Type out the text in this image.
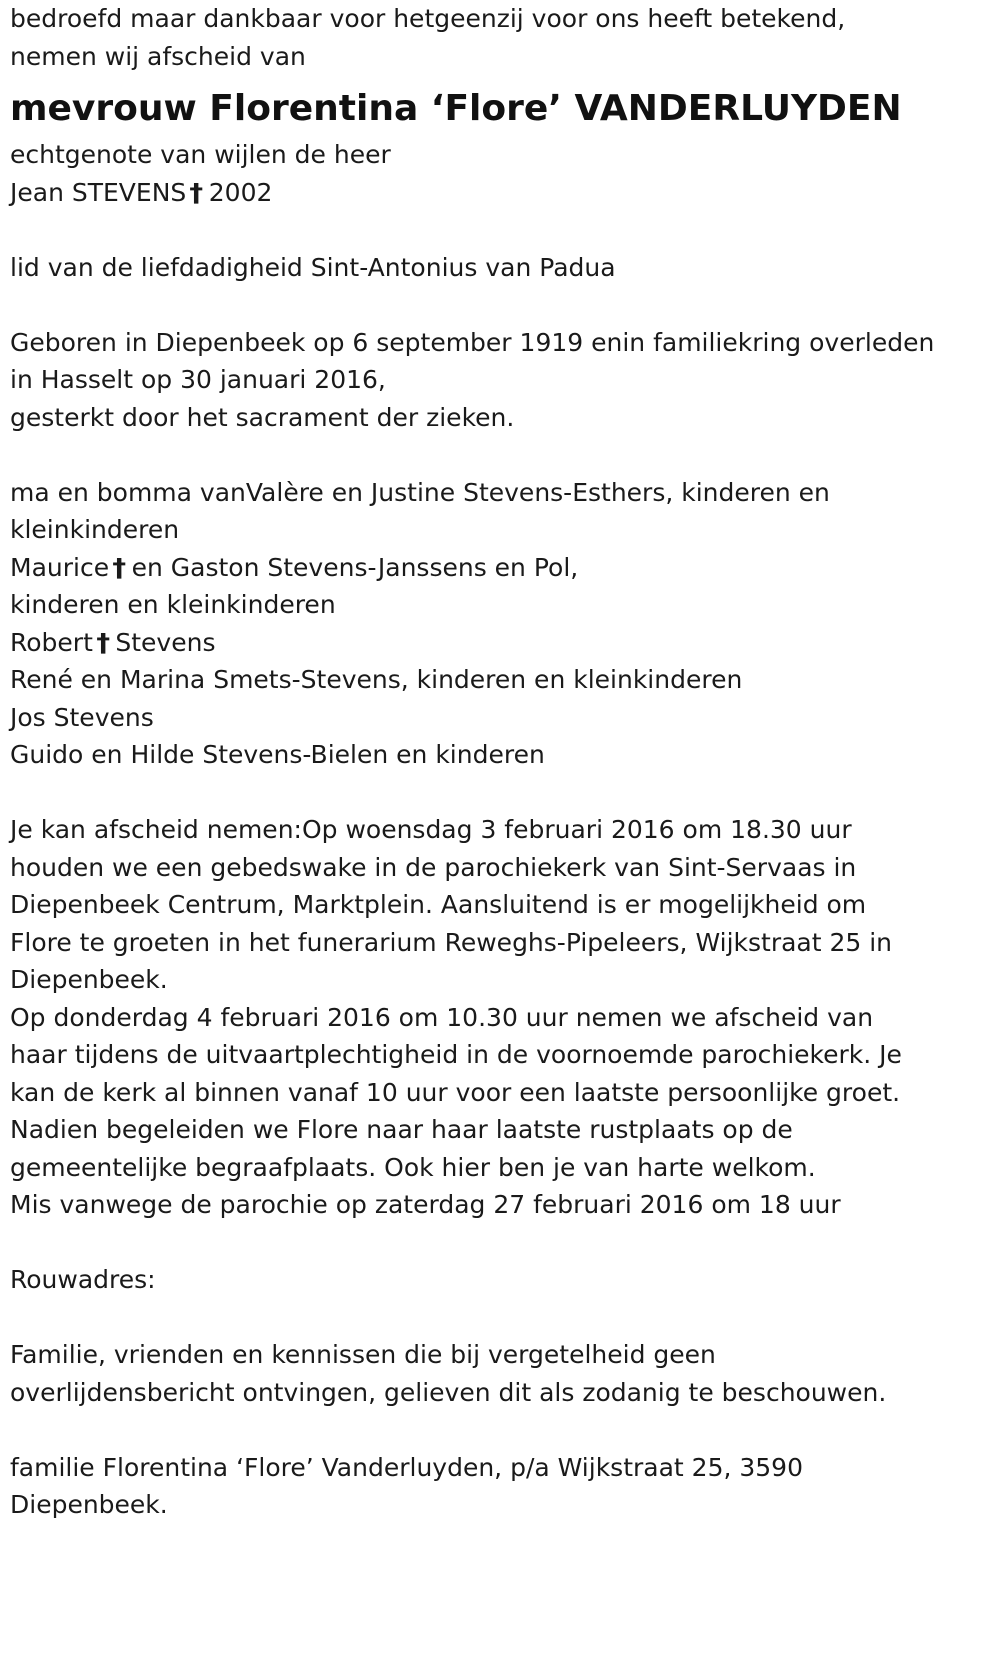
bedroefd maar dankbaar voor hetgeenzij voor ons heeft betekend,

nemen wij afscheid van

mevrouw Florentina ‘Flore’ VANDERLUYDEN

echtgenote van wijlen de heer

Jean STEVENS † 2002

lid van de liefdadigheid Sint-Antonius van Padua

Geboren in Diepenbeek op 6 september 1919 enin familiekring overleden

in Hasselt op 30 januari 2016,

gesterkt door het sacrament der zieken.

ma en bomma vanValère en Justine Stevens-Esthers, kinderen en

kleinkinderen

Maurice † en Gaston Stevens-Janssens en Pol,

kinderen en kleinkinderen

Robert † Stevens

René en Marina Smets-Stevens, kinderen en kleinkinderen

Jos Stevens

Guido en Hilde Stevens-Bielen en kinderen

Je kan afscheid nemen:Op woensdag 3 februari 2016 om 18.30 uur

houden we een gebedswake in de parochiekerk van Sint-Servaas in

Diepenbeek Centrum, Marktplein. Aansluitend is er mogelijkheid om

Flore te groeten in het funerarium Reweghs-Pipeleers, Wijkstraat 25 in

Diepenbeek.

Op donderdag 4 februari 2016 om 10.30 uur nemen we afscheid van

haar tijdens de uitvaartplechtigheid in de voornoemde parochiekerk. Je

kan de kerk al binnen vanaf 10 uur voor een laatste persoonlijke groet.

Nadien begeleiden we Flore naar haar laatste rustplaats op de

gemeentelijke begraafplaats. Ook hier ben je van harte welkom.

Mis vanwege de parochie op zaterdag 27 februari 2016 om 18 uur

Rouwadres:

Familie, vrienden en kennissen die bij vergetelheid geen

overlijdensbericht ontvingen, gelieven dit als zodanig te beschouwen.

familie Florentina ‘Flore’ Vanderluyden, p/a Wijkstraat 25, 3590

Diepenbeek.
